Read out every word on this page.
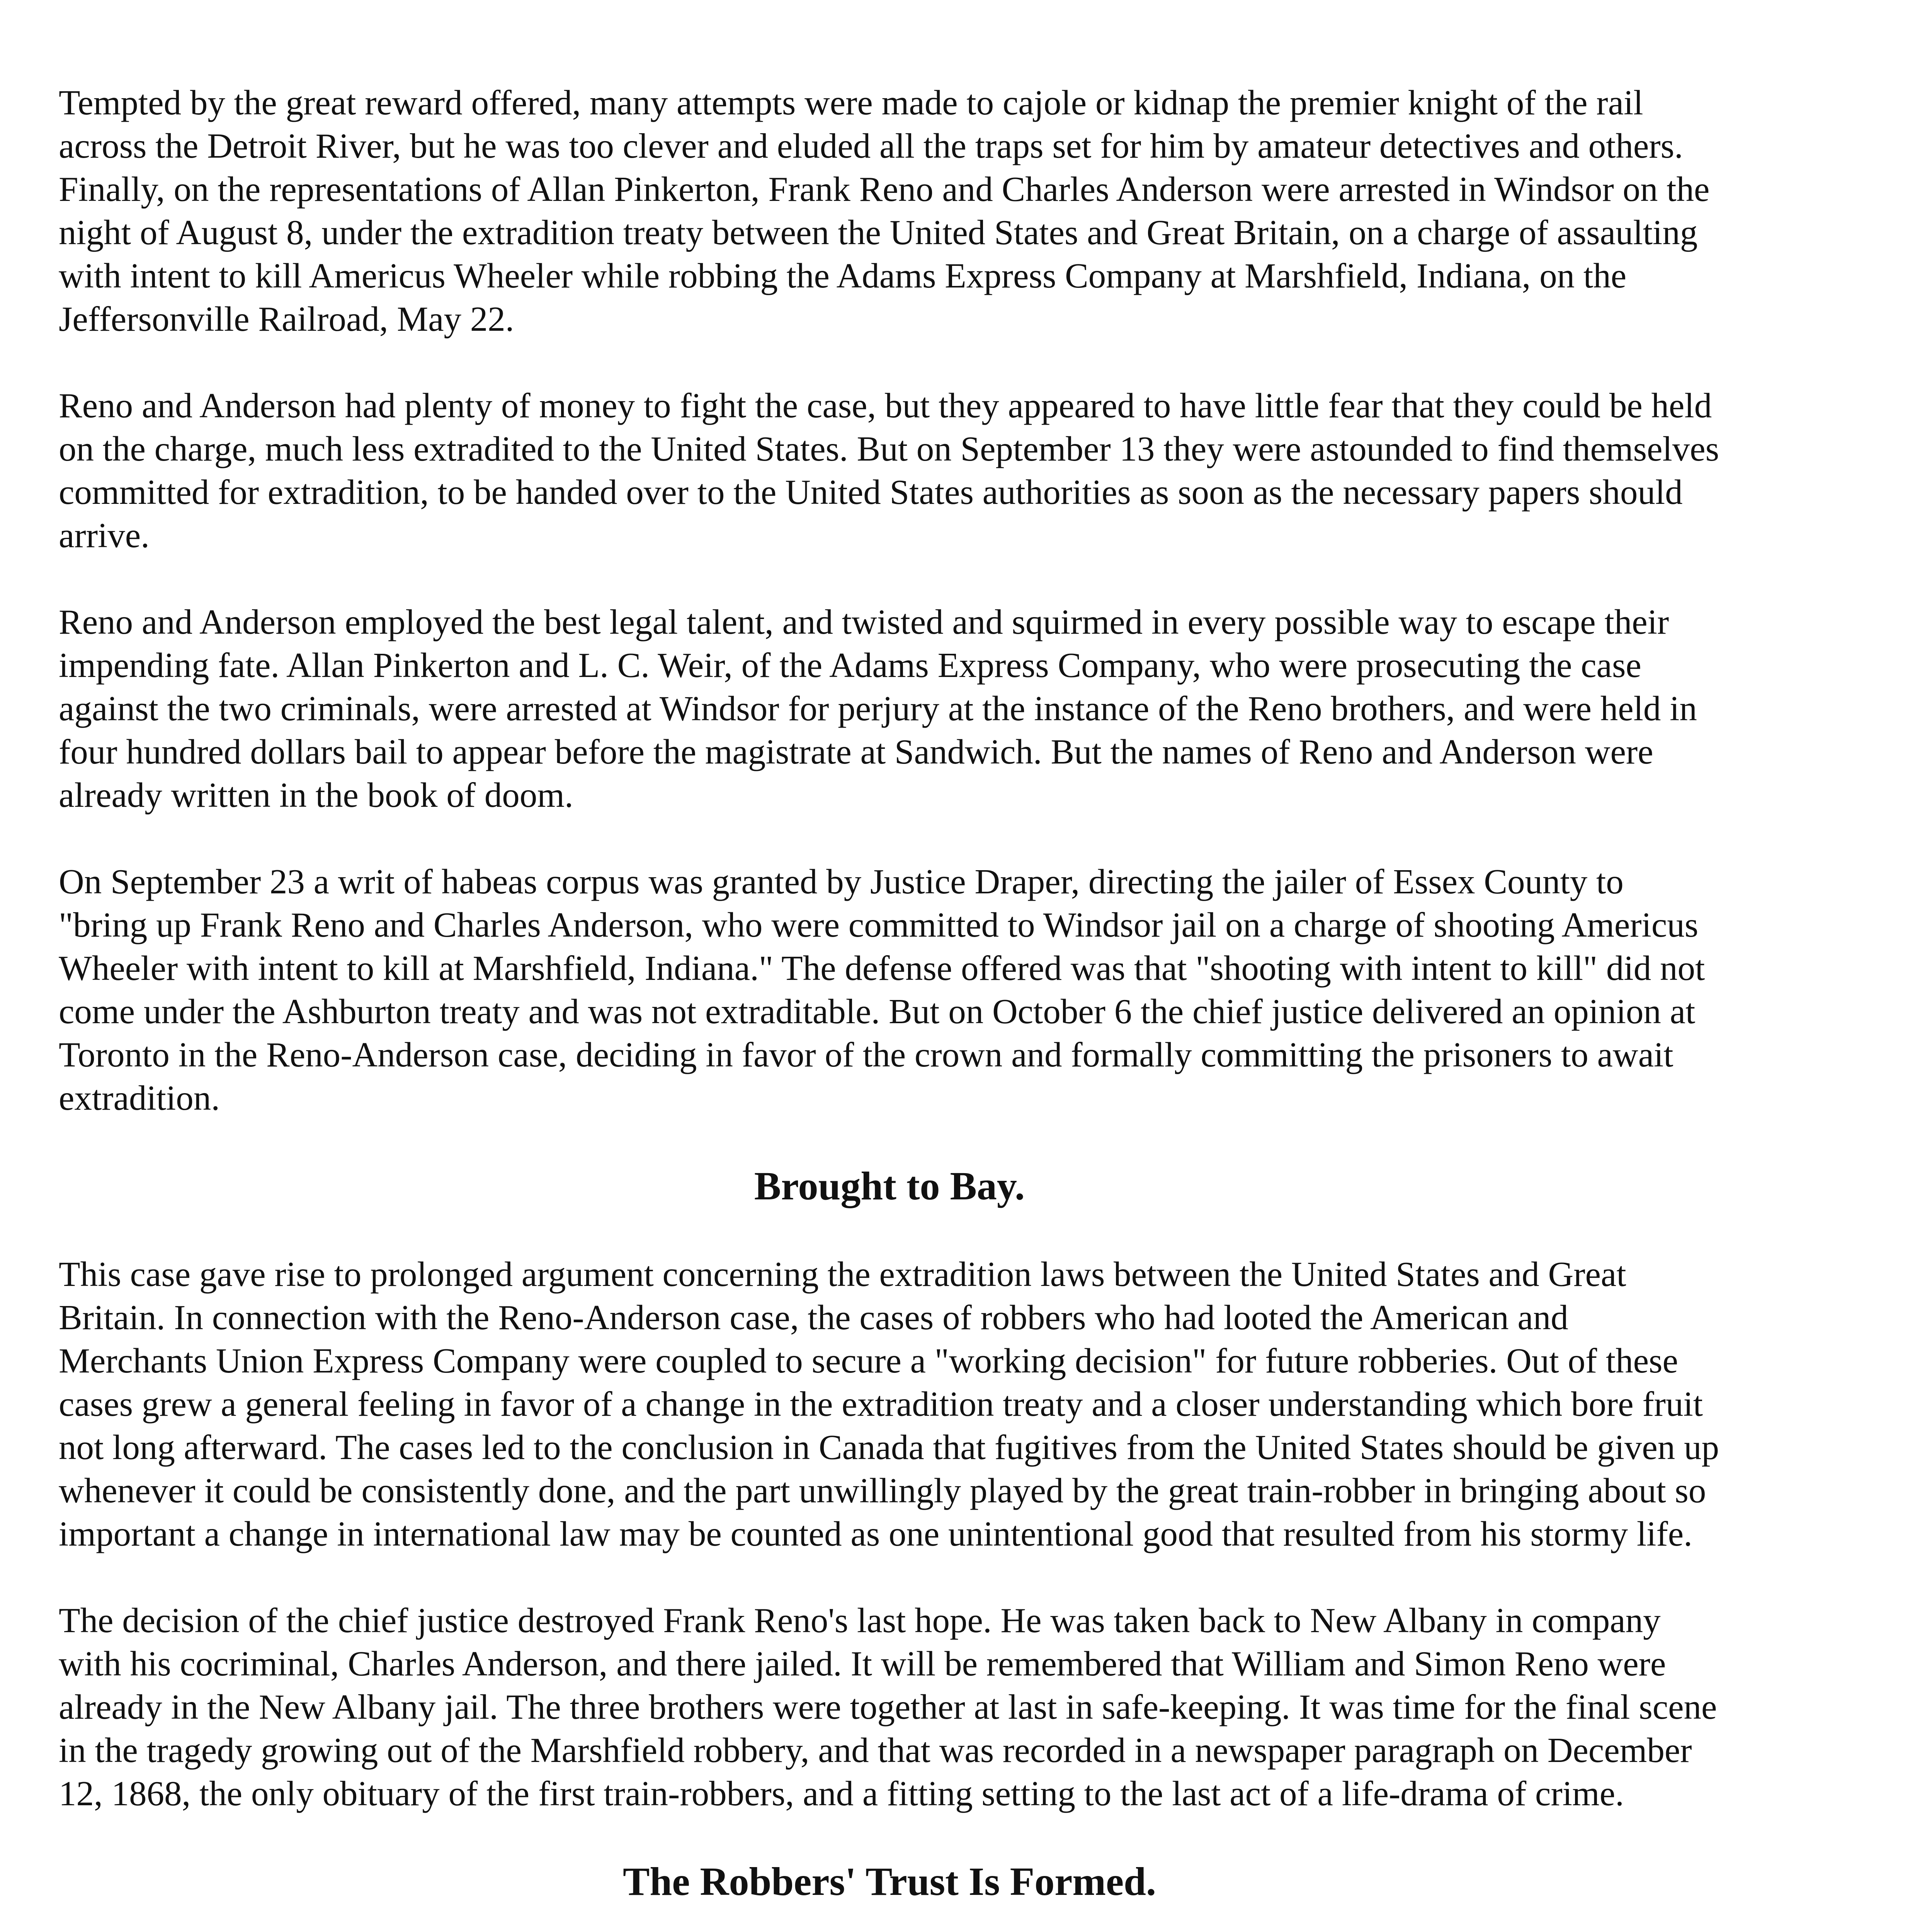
Tempted by the great reward offered, many attempts were made to cajole or kidnap the premier knight of the rail across the Detroit River, but he was too clever and eluded all the traps set for him by amateur detectives and others. Finally, on the representations of Allan Pinkerton, Frank Reno and Charles Anderson were arrested in Windsor on the night of August 8, under the extradition treaty between the United States and Great Britain, on a charge of assaulting with intent to kill Americus Wheeler while robbing the Adams Express Company at Marshfield, Indiana, on the Jeffersonville Railroad, May 22.

Reno and Anderson had plenty of money to fight the case, but they appeared to have little fear that they could be held on the charge, much less extradited to the United States. But on September 13 they were astounded to find themselves committed for extradition, to be handed over to the United States authorities as soon as the necessary papers should arrive.

Reno and Anderson employed the best legal talent, and twisted and squirmed in every possible way to escape their impending fate. Allan Pinkerton and L. C. Weir, of the Adams Express Company, who were prosecuting the case against the two criminals, were arrested at Windsor for perjury at the instance of the Reno brothers, and were held in four hundred dollars bail to appear before the magistrate at Sandwich. But the names of Reno and Anderson were already written in the book of doom.

On September 23 a writ of habeas corpus was granted by Justice Draper, directing the jailer of Essex County to "bring up Frank Reno and Charles Anderson, who were committed to Windsor jail on a charge of shooting Americus Wheeler with intent to kill at Marshfield, Indiana." The defense offered was that "shooting with intent to kill" did not come under the Ashburton treaty and was not extraditable. But on October 6 the chief justice delivered an opinion at Toronto in the Reno-Anderson case, deciding in favor of the crown and formally committing the prisoners to await extradition.

Brought to Bay.

This case gave rise to prolonged argument concerning the extradition laws between the United States and Great Britain. In connection with the Reno-Anderson case, the cases of robbers who had looted the American and Merchants Union Express Company were coupled to secure a "working decision" for future robberies. Out of these cases grew a general feeling in favor of a change in the extradition treaty and a closer understanding which bore fruit not long afterward. The cases led to the conclusion in Canada that fugitives from the United States should be given up whenever it could be consistently done, and the part unwillingly played by the great train-robber in bringing about so important a change in international law may be counted as one unintentional good that resulted from his stormy life.

The decision of the chief justice destroyed Frank Reno's last hope. He was taken back to New Albany in company with his cocriminal, Charles Anderson, and there jailed. It will be remembered that William and Simon Reno were already in the New Albany jail. The three brothers were together at last in safe-keeping. It was time for the final scene in the tragedy growing out of the Marshfield robbery, and that was recorded in a newspaper paragraph on December 12, 1868, the only obituary of the first train-robbers, and a fitting setting to the last act of a life-drama of crime.

The Robbers' Trust Is Formed.
